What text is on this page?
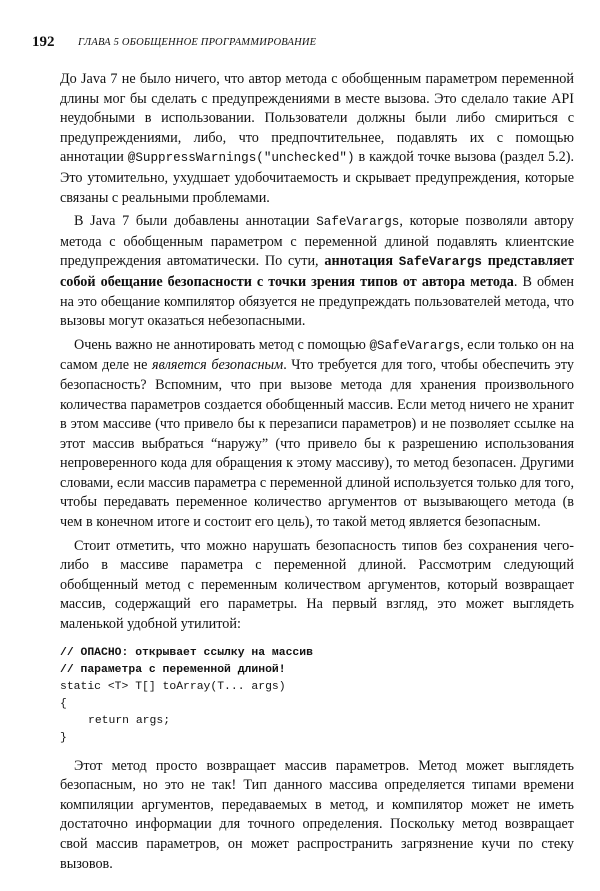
192 ГЛАВА 5 ОБОБЩЕННОЕ ПРОГРАММИРОВАНИЕ

До Java 7 не было ничего, что автор метода с обобщенным параметром переменной длины мог бы сделать с предупреждениями в месте вызова. Это сделало такие API неудобными в использовании. Пользователи должны были либо смириться с предупреждениями, либо, что предпочтительнее, подавлять их с помощью аннотации @SuppressWarnings("unchecked") в каждой точке вызова (раздел 5.2). Это утомительно, ухудшает удобочитаемость и скрывает предупреждения, которые связаны с реальными проблемами.

В Java 7 были добавлены аннотации SafeVarargs, которые позволяли автору метода с обобщенным параметром с переменной длиной подавлять клиентские предупреждения автоматически. По сути, аннотация SafeVarargs представляет собой обещание безопасности с точки зрения типов от автора метода. В обмен на это обещание компилятор обязуется не предупреждать пользователей метода, что вызовы могут оказаться небезопасными.

Очень важно не аннотировать метод с помощью @SafeVarargs, если только он на самом деле не является безопасным. Что требуется для того, чтобы обеспечить эту безопасность? Вспомним, что при вызове метода для хранения произвольного количества параметров создается обобщенный массив. Если метод ничего не хранит в этом массиве (что привело бы к перезаписи параметров) и не позволяет ссылке на этот массив выбраться “наружу” (что привело бы к разрешению использования непроверенного кода для обращения к этому массиву), то метод безопасен. Другими словами, если массив параметра с переменной длиной используется только для того, чтобы передавать переменное количество аргументов от вызывающего метода (в чем в конечном итоге и состоит его цель), то такой метод является безопасным.

Стоит отметить, что можно нарушать безопасность типов без сохранения чего-либо в массиве параметра с переменной длиной. Рассмотрим следующий обобщенный метод с переменным количеством аргументов, который возвращает массив, содержащий его параметры. На первый взгляд, это может выглядеть маленькой удобной утилитой:

// ОПАСНО: открывает ссылку на массив
// параметра с переменной длиной!
static <T> T[] toArray(T... args)
{
return args;
}

Этот метод просто возвращает массив параметров. Метод может выглядеть безопасным, но это не так! Тип данного массива определяется типами времени компиляции аргументов, передаваемых в метод, и компилятор может не иметь достаточно информации для точного определения. Поскольку метод возвращает свой массив параметров, он может распространить загрязнение кучи по стеку вызовов.
